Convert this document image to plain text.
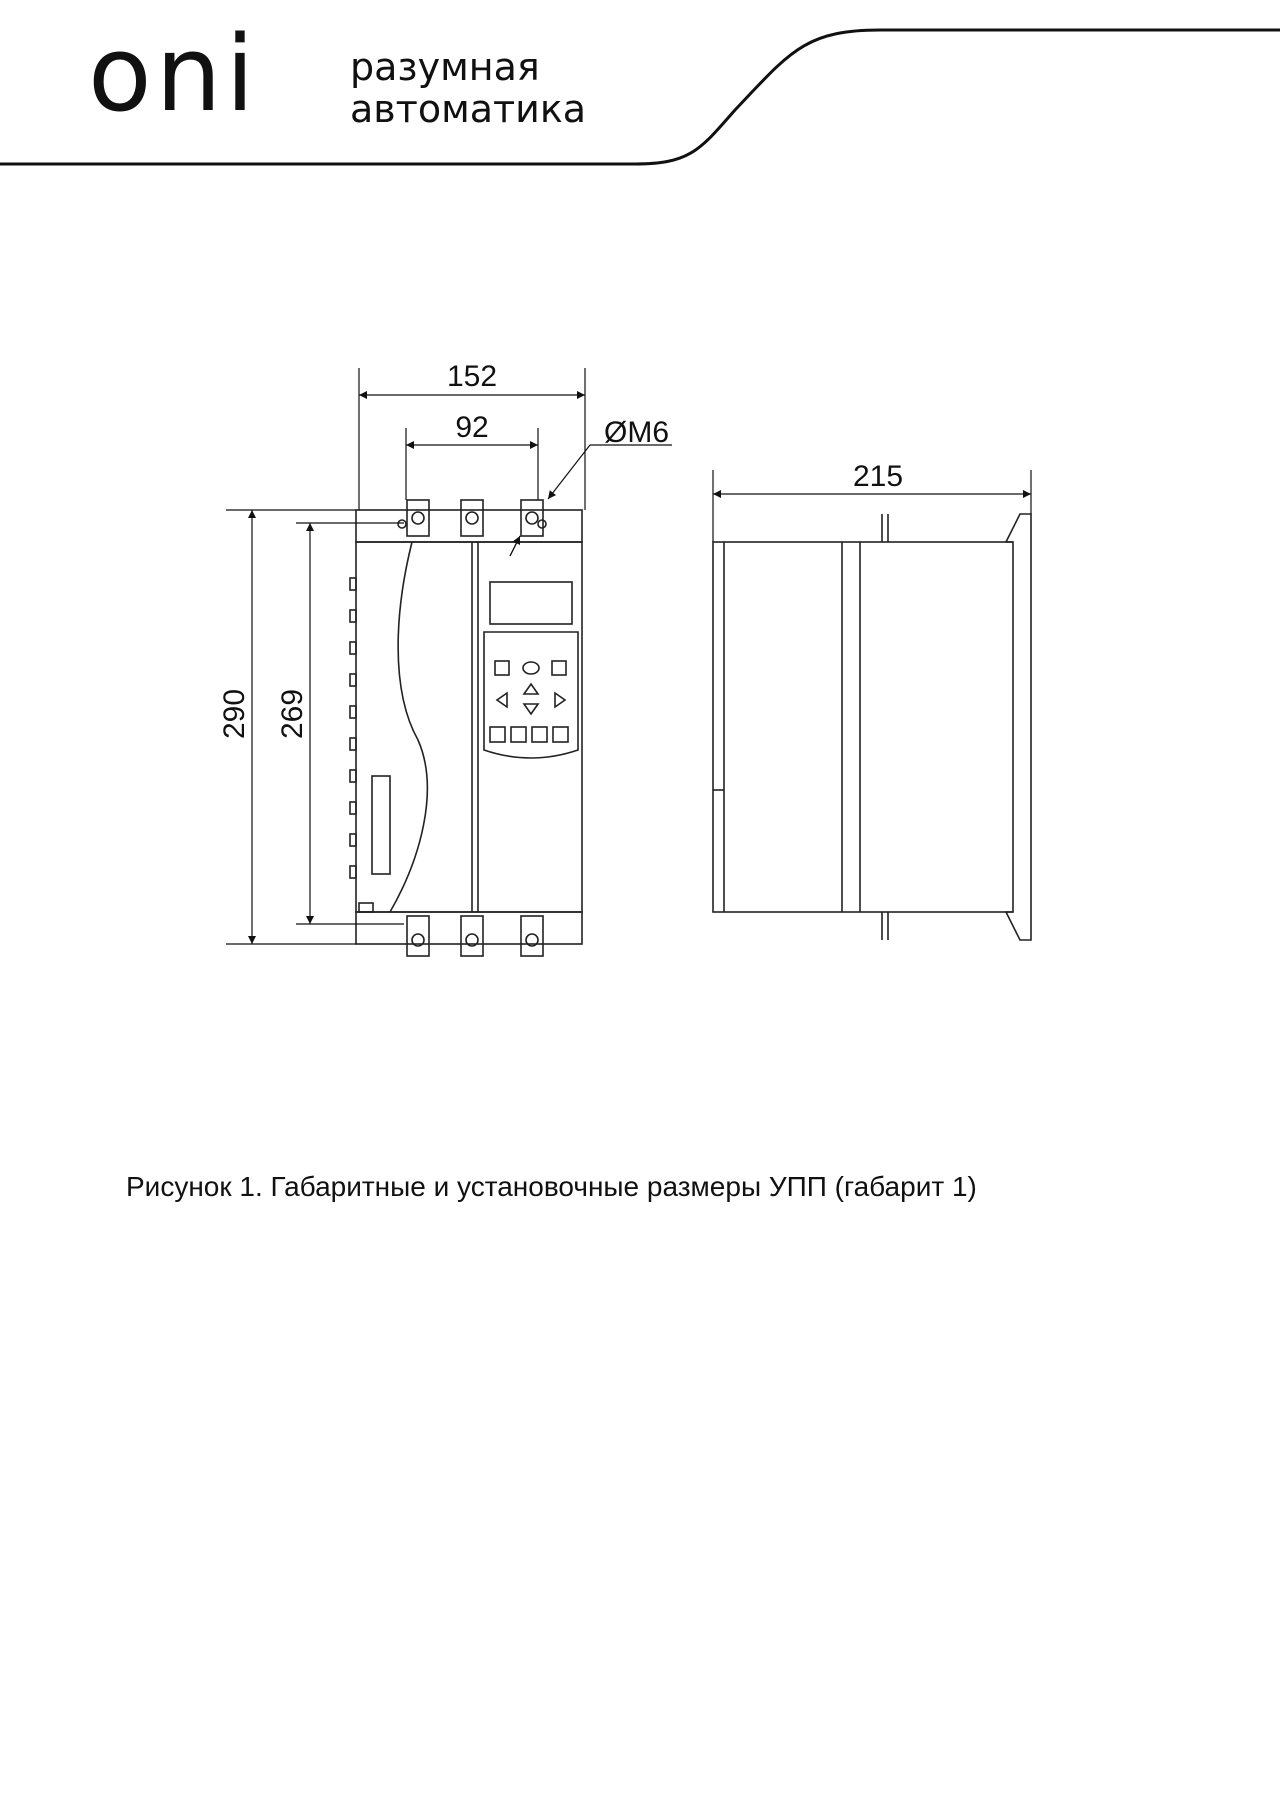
oni разумная
автоматика
152
92	ØM6
290 269
215
Рисунок 1. Габаритные и установочные размеры УПП (габарит 1)
